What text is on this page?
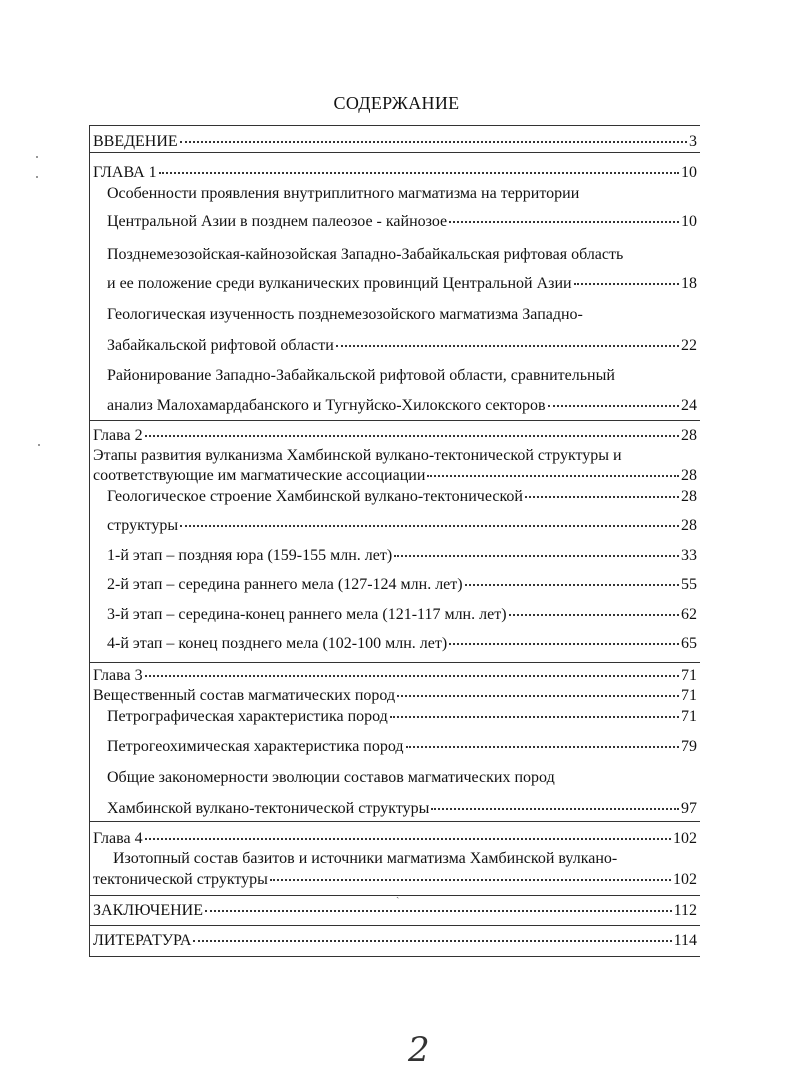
СОДЕРЖАНИЕ
ВВЕДЕНИЕ	3
ГЛАВА 1	10
Особенности проявления внутриплитного магматизма на территории
Центральной Азии в позднем палеозое - кайнозое	10
Позднемезозойская-кайнозойская Западно-Забайкальская рифтовая область
и ее положение среди вулканических провинций Центральной Азии	18
Геологическая изученность позднемезозойского магматизма Западно-
Забайкальской рифтовой области	22
Районирование Западно-Забайкальской рифтовой области, сравнительный
анализ Малохамардабанского и Тугнуйско-Хилокского секторов	24
Глава 2	28
Этапы развития вулканизма Хамбинской вулкано-тектонической структуры и
соответствующие им магматические ассоциации	28
Геологическое строение Хамбинской вулкано-тектонической	28
структуры	28
1-й этап – поздняя юра (159-155 млн. лет)	33
2-й этап – середина раннего мела (127-124 млн. лет)	55
3-й этап – середина-конец раннего мела (121-117 млн. лет)	62
4-й этап – конец позднего мела (102-100 млн. лет)	65
Глава 3	71
Вещественный состав магматических пород	71
Петрографическая характеристика пород	71
Петрогеохимическая характеристика пород	79
Общие закономерности эволюции составов магматических пород
Хамбинской вулкано-тектонической структуры	97
Глава 4	102
Изотопный состав базитов и источники магматизма Хамбинской вулкано-
тектонической структуры	102
ЗАКЛЮЧЕНИЕ	112
ЛИТЕРАТУРА	114
ˎ
2
